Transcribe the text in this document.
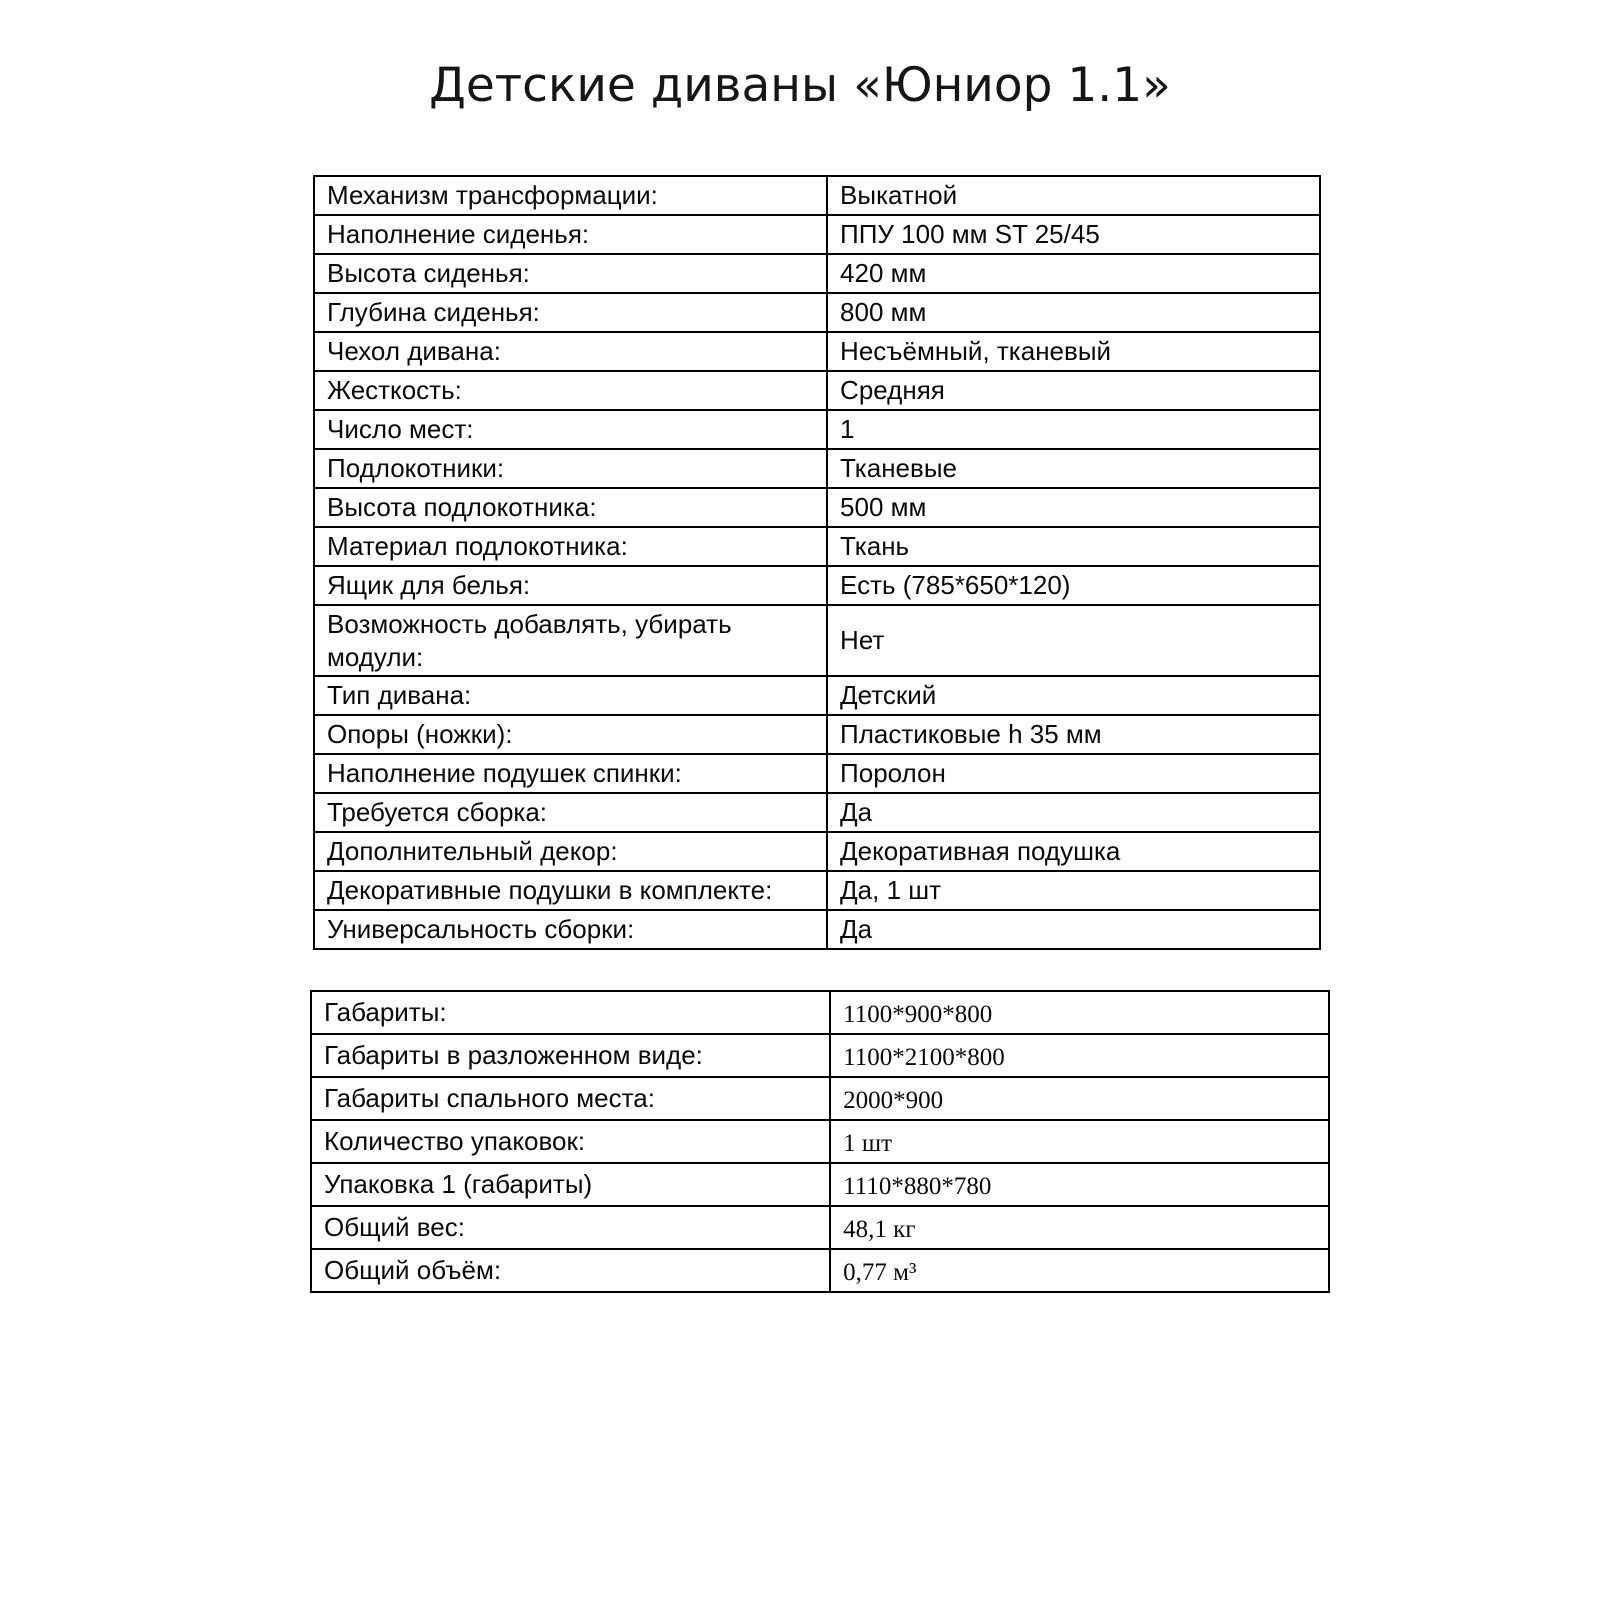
Детские диваны «Юниор 1.1»
Механизм трансформации:	Выкатной
Наполнение сиденья:	ППУ 100 мм ST 25/45
Высота сиденья:	420 мм
Глубина сиденья:	800 мм
Чехол дивана:	Несъёмный, тканевый
Жесткость:	Средняя
Число мест:	1
Подлокотники:	Тканевые
Высота подлокотника:	500 мм
Материал подлокотника:	Ткань
Ящик для белья:	Есть (785*650*120)
Возможность добавлять, убирать модули:	Нет
Тип дивана:	Детский
Опоры (ножки):	Пластиковые h 35 мм
Наполнение подушек спинки:	Поролон
Требуется сборка:	Да
Дополнительный декор:	Декоративная подушка
Декоративные подушки в комплекте:	Да, 1 шт
Универсальность сборки:	Да
Габариты:	1100*900*800
Габариты в разложенном виде:	1100*2100*800
Габариты спального места:	2000*900
Количество упаковок:	1 шт
Упаковка 1 (габариты)	1110*880*780
Общий вес:	48,1 кг
Общий объём:	0,77 м³
